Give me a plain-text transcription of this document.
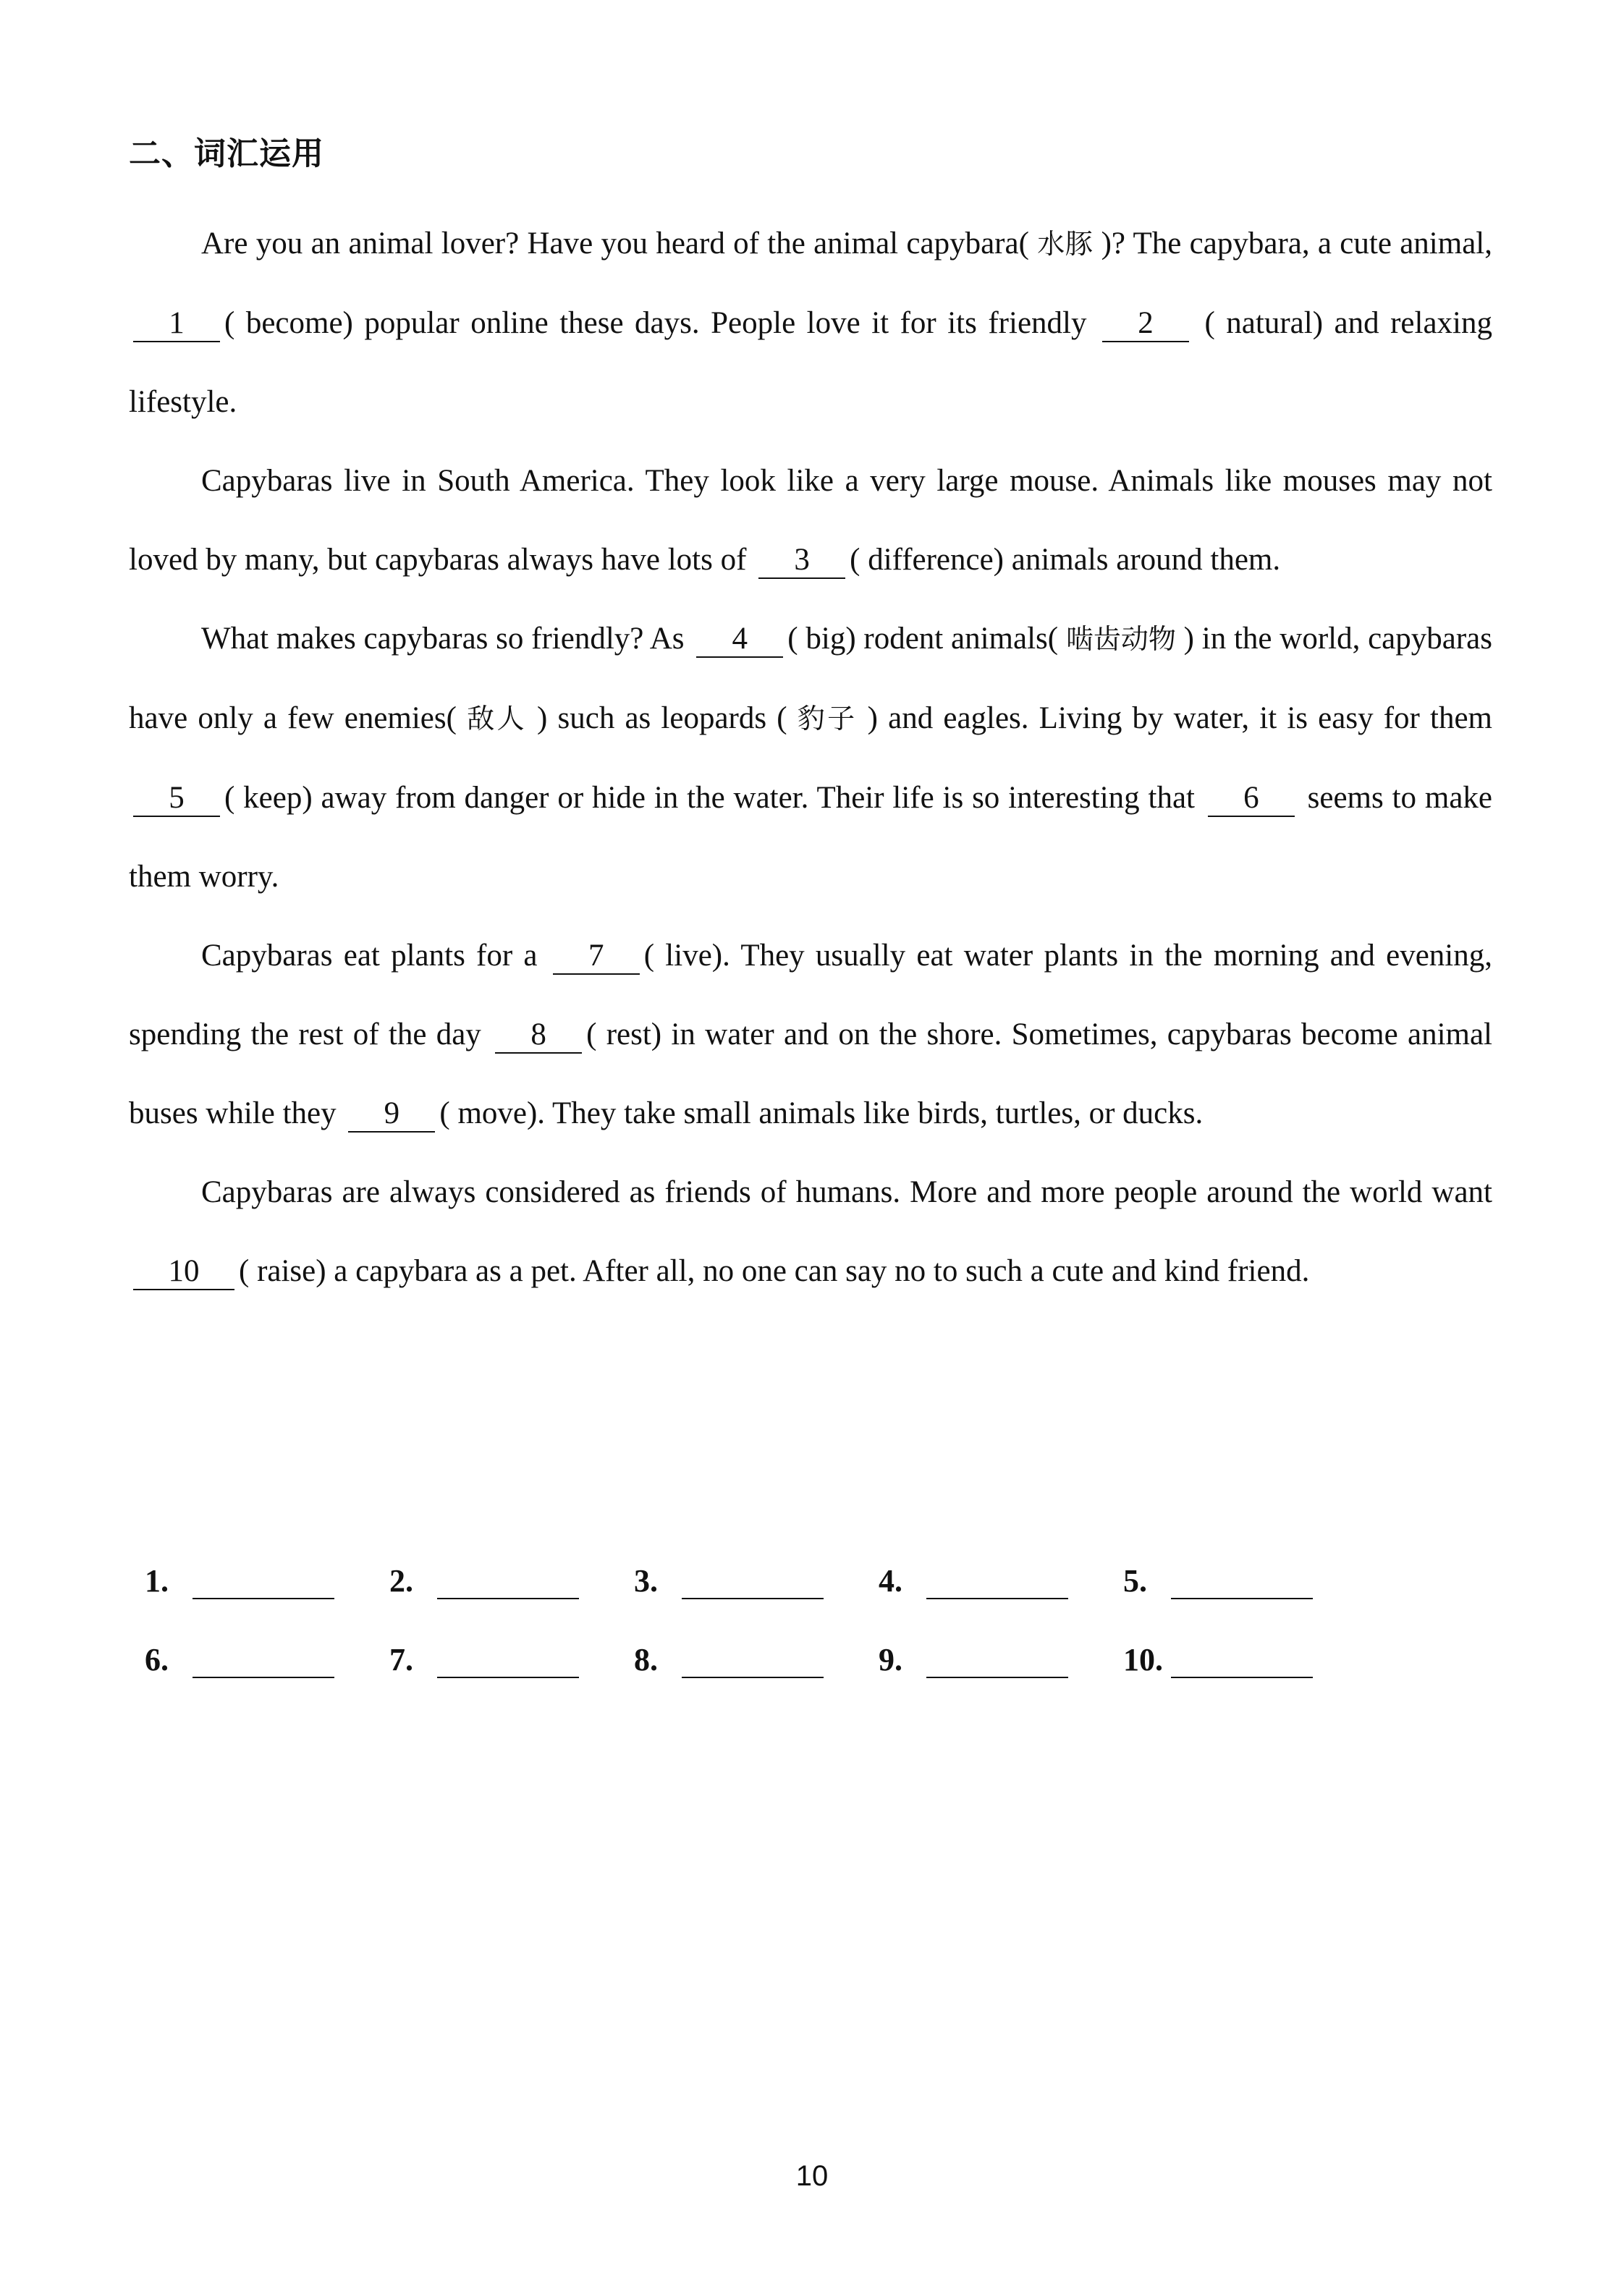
二、词汇运用

Are you an animal lover? Have you heard of the animal capybara( 水豚 )? The capybara, a cute animal, 1 ( become) popular online these days. People love it for its friendly 2 ( natural) and relaxing lifestyle.

Capybaras live in South America. They look like a very large mouse. Animals like mouses may not loved by many, but capybaras always have lots of 3 ( difference) animals around them.

What makes capybaras so friendly? As 4 ( big) rodent animals( 啮齿动物 ) in the world, capybaras have only a few enemies( 敌人 ) such as leopards ( 豹子 ) and eagles. Living by water, it is easy for them 5 ( keep) away from danger or hide in the water. Their life is so interesting that 6 seems to make them worry.

Capybaras eat plants for a 7 ( live). They usually eat water plants in the morning and evening, spending the rest of the day 8 ( rest) in water and on the shore. Sometimes, capybaras become animal buses while they 9 ( move). They take small animals like birds, turtles, or ducks.

Capybaras are always considered as friends of humans. More and more people around the world want 10 ( raise) a capybara as a pet. After all, no one can say no to such a cute and kind friend.

1.	2.	3.	4.	5.
6.	7.	8.	9.	10.
10
